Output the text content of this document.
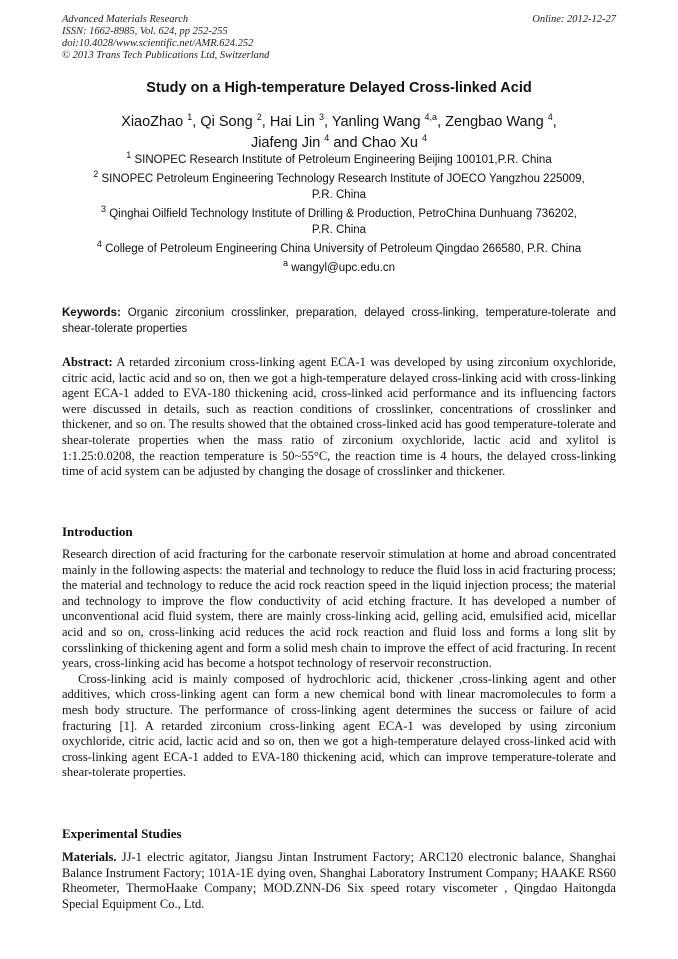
Advanced Materials Research
ISSN: 1662-8985, Vol. 624, pp 252-255
doi:10.4028/www.scientific.net/AMR.624.252
© 2013 Trans Tech Publications Ltd, Switzerland
Online: 2012-12-27
Study on a High-temperature Delayed Cross-linked Acid
XiaoZhao $^1$, Qi Song $^2$, Hai Lin $^3$, Yanling Wang $^{4,a}$, Zengbao Wang $^4$,
Jiafeng Jin $^4$ and Chao Xu $^4$
$^1$ SINOPEC Research Institute of Petroleum Engineering Beijing 100101,P.R. China
$^2$ SINOPEC Petroleum Engineering Technology Research Institute of JOECO Yangzhou 225009,
P.R. China
$^3$ Qinghai Oilfield Technology Institute of Drilling & Production, PetroChina Dunhuang 736202,
P.R. China
$^4$ College of Petroleum Engineering China University of Petroleum Qingdao 266580, P.R. China
$^a$ wangyl@upc.edu.cn
Keywords: Organic zirconium crosslinker, preparation, delayed cross-linking, temperature-tolerate and shear-tolerate properties
Abstract: A retarded zirconium cross-linking agent ECA-1 was developed by using zirconium oxychloride, citric acid, lactic acid and so on, then we got a high-temperature delayed cross-linking acid with cross-linking agent ECA-1 added to EVA-180 thickening acid, cross-linked acid performance and its influencing factors were discussed in details, such as reaction conditions of crosslinker, concentrations of crosslinker and thickener, and so on. The results showed that the obtained cross-linked acid has good temperature-tolerate and shear-tolerate properties when the mass ratio of zirconium oxychloride, lactic acid and xylitol is 1:1.25:0.0208, the reaction temperature is 50~55°C, the reaction time is 4 hours, the delayed cross-linking time of acid system can be adjusted by changing the dosage of crosslinker and thickener.
Introduction
Research direction of acid fracturing for the carbonate reservoir stimulation at home and abroad concentrated mainly in the following aspects: the material and technology to reduce the fluid loss in acid fracturing process; the material and technology to reduce the acid rock reaction speed in the liquid injection process; the material and technology to improve the flow conductivity of acid etching fracture. It has developed a number of unconventional acid fluid system, there are mainly cross-linking acid, gelling acid, emulsified acid, micellar acid and so on, cross-linking acid reduces the acid rock reaction and fluid loss and forms a long slit by corsslinking of thickening agent and form a solid mesh chain to improve the effect of acid fracturing. In recent years, cross-linking acid has become a hotspot technology of reservoir reconstruction.
Cross-linking acid is mainly composed of hydrochloric acid, thickener ,cross-linking agent and other additives, which cross-linking agent can form a new chemical bond with linear macromolecules to form a mesh body structure. The performance of cross-linking agent determines the success or failure of acid fracturing [1]. A retarded zirconium cross-linking agent ECA-1 was developed by using zirconium oxychloride, citric acid, lactic acid and so on, then we got a high-temperature delayed cross-linked acid with cross-linking agent ECA-1 added to EVA-180 thickening acid, which can improve temperature-tolerate and shear-tolerate properties.
Experimental Studies
Materials. JJ-1 electric agitator, Jiangsu Jintan Instrument Factory; ARC120 electronic balance, Shanghai Balance Instrument Factory; 101A-1E dying oven, Shanghai Laboratory Instrument Company; HAAKE RS60 Rheometer, ThermoHaake Company; MOD.ZNN-D6 Six speed rotary viscometer , Qingdao Haitongda Special Equipment Co., Ltd.
